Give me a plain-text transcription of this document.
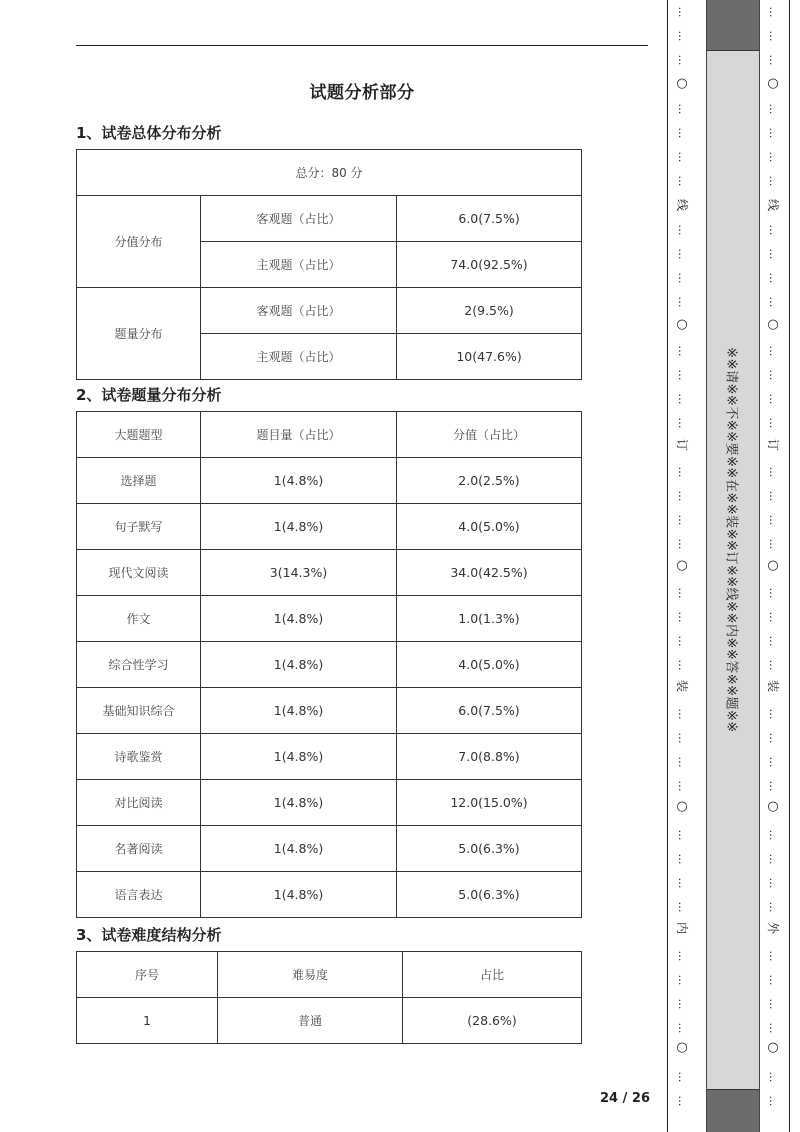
试题分析部分
1、试卷总体分布分析
总分：80 分		
分值分布	客观题（占比）	6.0(7.5%)
	主观题（占比）	74.0(92.5%)
题量分布	客观题（占比）	2(9.5%)
	主观题（占比）	10(47.6%)
2、试卷题量分布分析
大题题型	题目量（占比）	分值（占比）
选择题	1(4.8%)	2.0(2.5%)
句子默写	1(4.8%)	4.0(5.0%)
现代文阅读	3(14.3%)	34.0(42.5%)
作文	1(4.8%)	1.0(1.3%)
综合性学习	1(4.8%)	4.0(5.0%)
基础知识综合	1(4.8%)	6.0(7.5%)
诗歌鉴赏	1(4.8%)	7.0(8.8%)
对比阅读	1(4.8%)	12.0(15.0%)
名著阅读	1(4.8%)	5.0(6.3%)
语言表达	1(4.8%)	5.0(6.3%)
3、试卷难度结构分析
序号	难易度	占比
1	普通	(28.6%)
24 / 26
…
…
…
…
…
…
…
…
…
…
…
…
…
…
…
…
…
…
…
…
…
…
…
…
…
…
…
…
…
…
…
…
…
…
…
…
…
○
○
○
○
○
线
订
装
内
※※请※※不※※要※※在※※装※※订※※线※※内※※答※※题※※
…
…
…
…
…
…
…
…
…
…
…
…
…
…
…
…
…
…
…
…
…
…
…
…
…
…
…
…
…
…
…
…
…
…
…
…
…
○
○
○
○
○
线
订
装
外
